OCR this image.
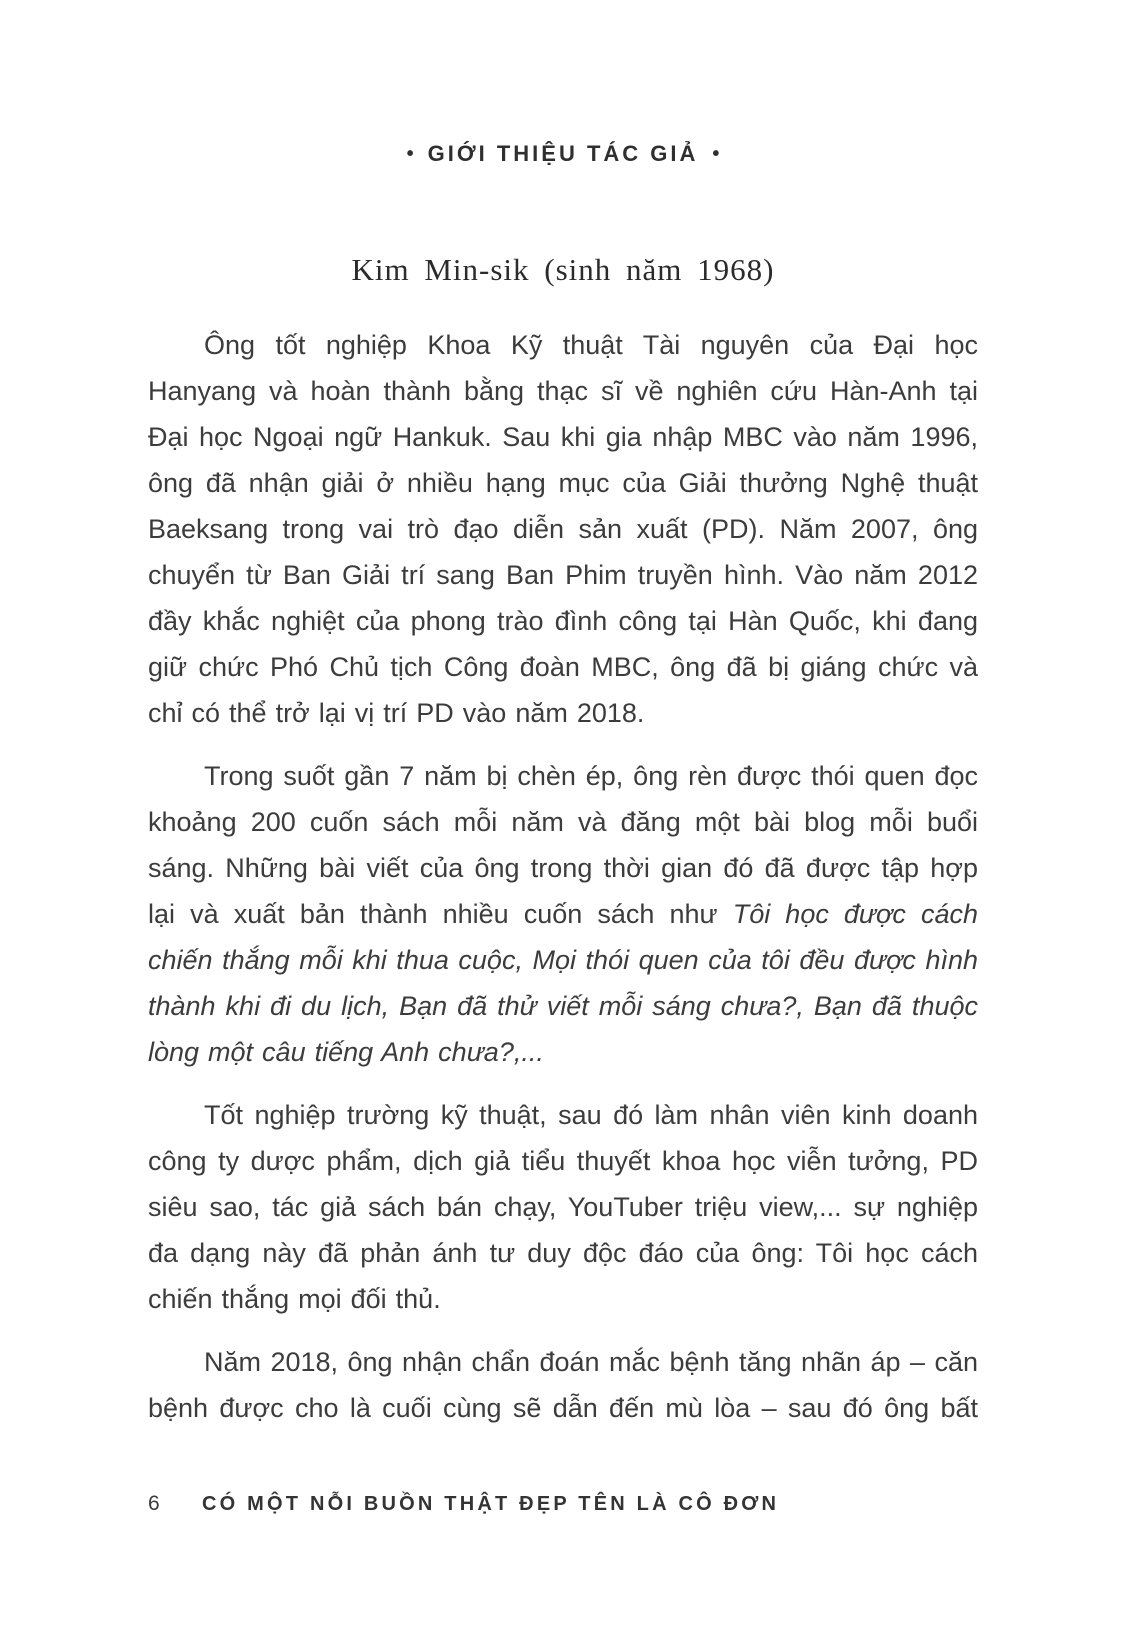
• GIỚI THIỆU TÁC GIẢ •
Kim Min-sik (sinh năm 1968)

Ông tốt nghiệp Khoa Kỹ thuật Tài nguyên của Đại học Hanyang và hoàn thành bằng thạc sĩ về nghiên cứu Hàn-Anh tại Đại học Ngoại ngữ Hankuk. Sau khi gia nhập MBC vào năm 1996, ông đã nhận giải ở nhiều hạng mục của Giải thưởng Nghệ thuật Baeksang trong vai trò đạo diễn sản xuất (PD). Năm 2007, ông chuyển từ Ban Giải trí sang Ban Phim truyền hình. Vào năm 2012 đầy khắc nghiệt của phong trào đình công tại Hàn Quốc, khi đang giữ chức Phó Chủ tịch Công đoàn MBC, ông đã bị giáng chức và chỉ có thể trở lại vị trí PD vào năm 2018.

Trong suốt gần 7 năm bị chèn ép, ông rèn được thói quen đọc khoảng 200 cuốn sách mỗi năm và đăng một bài blog mỗi buổi sáng. Những bài viết của ông trong thời gian đó đã được tập hợp lại và xuất bản thành nhiều cuốn sách như Tôi học được cách chiến thắng mỗi khi thua cuộc, Mọi thói quen của tôi đều được hình thành khi đi du lịch, Bạn đã thử viết mỗi sáng chưa?, Bạn đã thuộc lòng một câu tiếng Anh chưa?,...

Tốt nghiệp trường kỹ thuật, sau đó làm nhân viên kinh doanh công ty dược phẩm, dịch giả tiểu thuyết khoa học viễn tưởng, PD siêu sao, tác giả sách bán chạy, YouTuber triệu view,... sự nghiệp đa dạng này đã phản ánh tư duy độc đáo của ông: Tôi học cách chiến thắng mọi đối thủ.

Năm 2018, ông nhận chẩn đoán mắc bệnh tăng nhãn áp – căn bệnh được cho là cuối cùng sẽ dẫn đến mù lòa – sau đó ông bất

6	CÓ MỘT NỖI BUỒN THẬT ĐẸP TÊN LÀ CÔ ĐƠN
